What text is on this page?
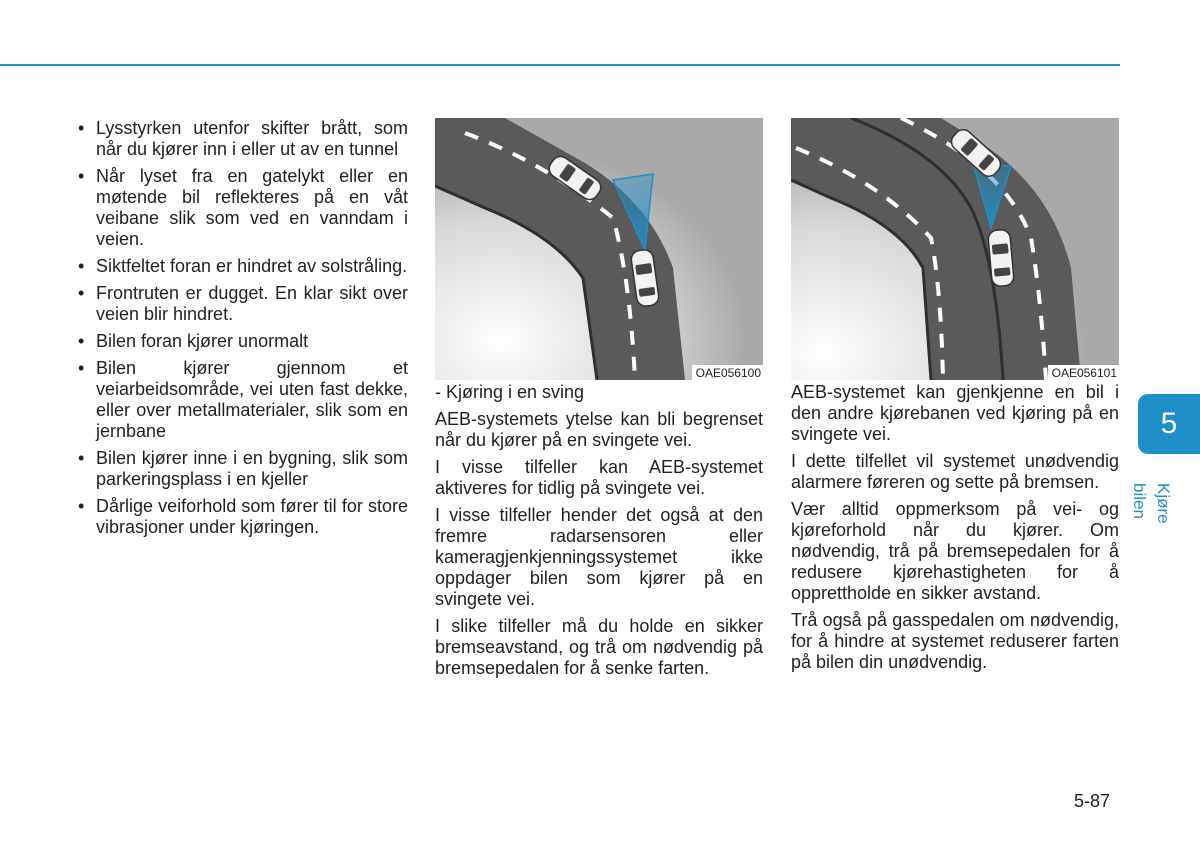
• Lysstyrken utenfor skifter brått, som når du kjører inn i eller ut av en tunnel
• Når lyset fra en gatelykt eller en møtende bil reflekteres på en våt veibane slik som ved en vanndam i veien.
• Siktfeltet foran er hindret av solstråling.
• Frontruten er dugget. En klar sikt over veien blir hindret.
• Bilen foran kjører unormalt
• Bilen kjører gjennom et veiarbeidsområde, vei uten fast dekke, eller over metallmaterialer, slik som en jernbane
• Bilen kjører inne i en bygning, slik som parkeringsplass i en kjeller
• Dårlige veiforhold som fører til for store vibrasjoner under kjøringen.
OAE056100

- Kjøring i en sving

AEB-systemets ytelse kan bli begrenset når du kjører på en svingete vei.

I visse tilfeller kan AEB-systemet aktiveres for tidlig på svingete vei.

I visse tilfeller hender det også at den fremre radarsensoren eller kameragjenkjenningssystemet ikke oppdager bilen som kjører på en svingete vei.

I slike tilfeller må du holde en sikker bremseavstand, og trå om nødvendig på bremsepedalen for å senke farten.

OAE056101

AEB-systemet kan gjenkjenne en bil i den andre kjørebanen ved kjøring på en svingete vei.

I dette tilfellet vil systemet unødvendig alarmere føreren og sette på bremsen.

Vær alltid oppmerksom på vei- og kjøreforhold når du kjører. Om nødvendig, trå på bremsepedalen for å redusere kjørehastigheten for å opprettholde en sikker avstand.

Trå også på gasspedalen om nødvendig, for å hindre at systemet reduserer farten på bilen din unødvendig.

5
Kjøre bilen
5-87
